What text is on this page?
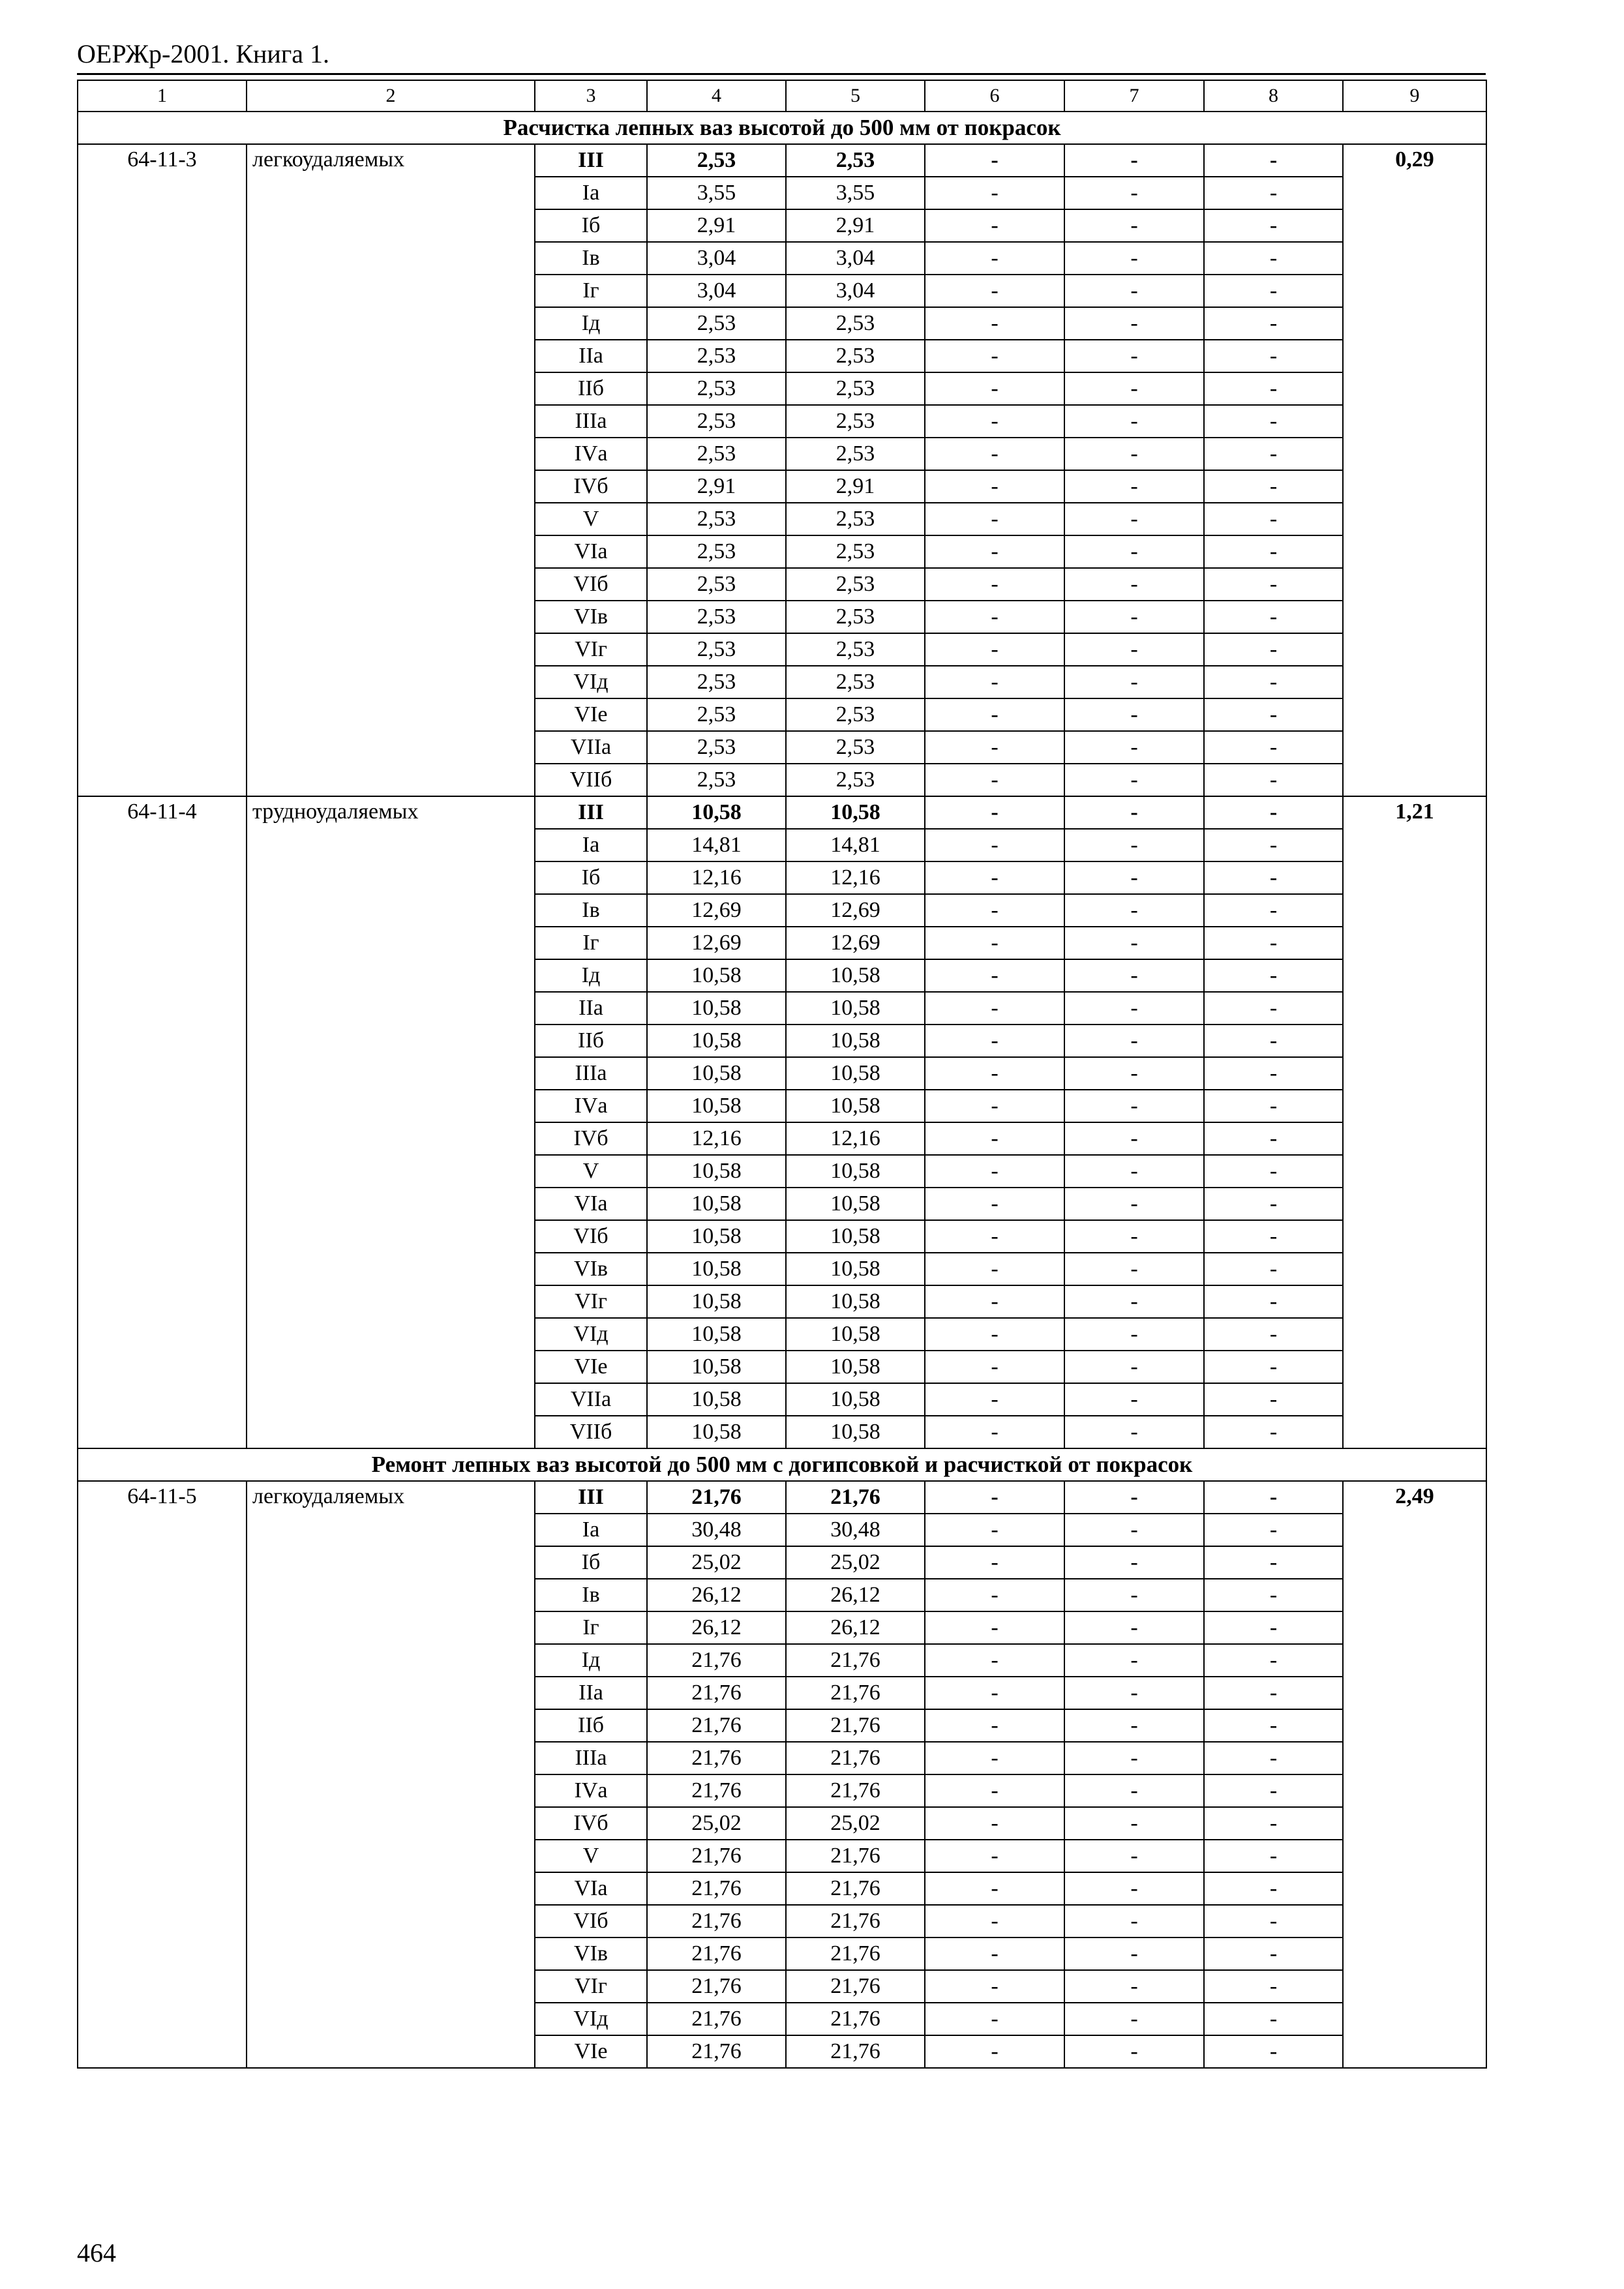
ОЕРЖр-2001. Книга 1.
1	2	3	4	5	6	7	8	9
Расчистка лепных ваз высотой до 500 мм от покрасок								
64-11-3	легкоудаляемых	III	2,53	2,53	-	-	-	0,29
		Iа	3,55	3,55	-	-	-	
		Iб	2,91	2,91	-	-	-	
		Iв	3,04	3,04	-	-	-	
		Iг	3,04	3,04	-	-	-	
		Iд	2,53	2,53	-	-	-	
		IIа	2,53	2,53	-	-	-	
		IIб	2,53	2,53	-	-	-	
		IIIа	2,53	2,53	-	-	-	
		IVа	2,53	2,53	-	-	-	
		IVб	2,91	2,91	-	-	-	
		V	2,53	2,53	-	-	-	
		VIа	2,53	2,53	-	-	-	
		VIб	2,53	2,53	-	-	-	
		VIв	2,53	2,53	-	-	-	
		VIг	2,53	2,53	-	-	-	
		VIд	2,53	2,53	-	-	-	
		VIе	2,53	2,53	-	-	-	
		VIIа	2,53	2,53	-	-	-	
		VIIб	2,53	2,53	-	-	-	
64-11-4	трудноудаляемых	III	10,58	10,58	-	-	-	1,21
		Iа	14,81	14,81	-	-	-	
		Iб	12,16	12,16	-	-	-	
		Iв	12,69	12,69	-	-	-	
		Iг	12,69	12,69	-	-	-	
		Iд	10,58	10,58	-	-	-	
		IIа	10,58	10,58	-	-	-	
		IIб	10,58	10,58	-	-	-	
		IIIа	10,58	10,58	-	-	-	
		IVа	10,58	10,58	-	-	-	
		IVб	12,16	12,16	-	-	-	
		V	10,58	10,58	-	-	-	
		VIа	10,58	10,58	-	-	-	
		VIб	10,58	10,58	-	-	-	
		VIв	10,58	10,58	-	-	-	
		VIг	10,58	10,58	-	-	-	
		VIд	10,58	10,58	-	-	-	
		VIе	10,58	10,58	-	-	-	
		VIIа	10,58	10,58	-	-	-	
		VIIб	10,58	10,58	-	-	-	
Ремонт лепных ваз высотой до 500 мм с догипсовкой и расчисткой от покрасок								
64-11-5	легкоудаляемых	III	21,76	21,76	-	-	-	2,49
		Iа	30,48	30,48	-	-	-	
		Iб	25,02	25,02	-	-	-	
		Iв	26,12	26,12	-	-	-	
		Iг	26,12	26,12	-	-	-	
		Iд	21,76	21,76	-	-	-	
		IIа	21,76	21,76	-	-	-	
		IIб	21,76	21,76	-	-	-	
		IIIа	21,76	21,76	-	-	-	
		IVа	21,76	21,76	-	-	-	
		IVб	25,02	25,02	-	-	-	
		V	21,76	21,76	-	-	-	
		VIа	21,76	21,76	-	-	-	
		VIб	21,76	21,76	-	-	-	
		VIв	21,76	21,76	-	-	-	
		VIг	21,76	21,76	-	-	-	
		VIд	21,76	21,76	-	-	-	
		VIе	21,76	21,76	-	-	-	
464
